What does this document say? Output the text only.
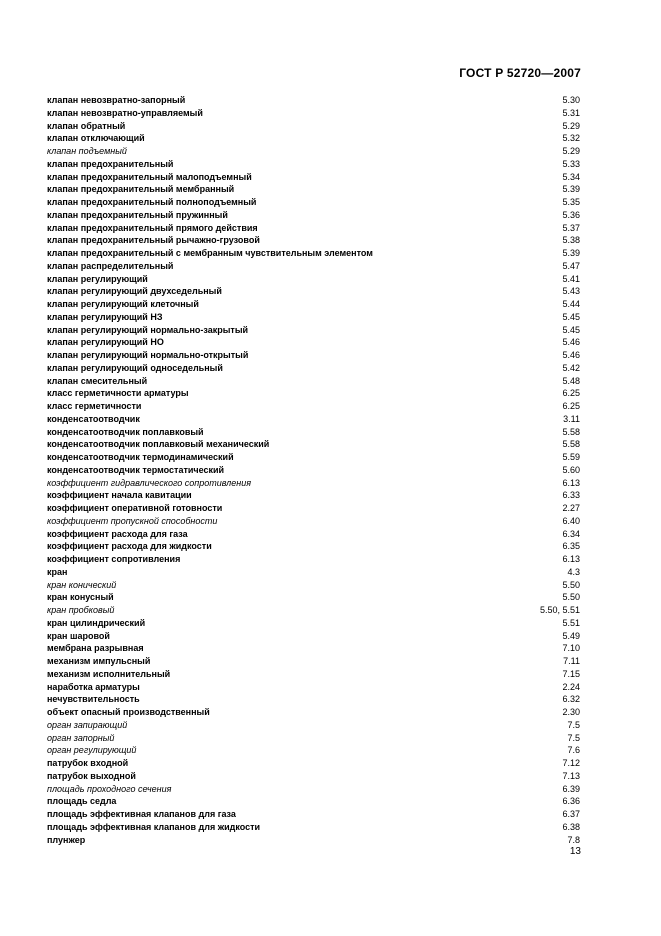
ГОСТ Р 52720—2007
клапан невозвратно-запорный	5.30
клапан невозвратно-управляемый	5.31
клапан обратный	5.29
клапан отключающий	5.32
клапан подъемный	5.29
клапан предохранительный	5.33
клапан предохранительный малоподъемный	5.34
клапан предохранительный мембранный	5.39
клапан предохранительный полноподъемный	5.35
клапан предохранительный пружинный	5.36
клапан предохранительный прямого действия	5.37
клапан предохранительный рычажно-грузовой	5.38
клапан предохранительный с мембранным чувствительным элементом	5.39
клапан распределительный	5.47
клапан регулирующий	5.41
клапан регулирующий двухседельный	5.43
клапан регулирующий клеточный	5.44
клапан регулирующий НЗ	5.45
клапан регулирующий нормально-закрытый	5.45
клапан регулирующий НО	5.46
клапан регулирующий нормально-открытый	5.46
клапан регулирующий односедельный	5.42
клапан смесительный	5.48
класс герметичности арматуры	6.25
класс герметичности	6.25
конденсатоотводчик	3.11
конденсатоотводчик поплавковый	5.58
конденсатоотводчик поплавковый механический	5.58
конденсатоотводчик термодинамический	5.59
конденсатоотводчик термостатический	5.60
коэффициент гидравлического сопротивления	6.13
коэффициент начала кавитации	6.33
коэффициент оперативной готовности	2.27
коэффициент пропускной способности	6.40
коэффициент расхода для газа	6.34
коэффициент расхода для жидкости	6.35
коэффициент сопротивления	6.13
кран	4.3
кран конический	5.50
кран конусный	5.50
кран пробковый	5.50, 5.51
кран цилиндрический	5.51
кран шаровой	5.49
мембрана разрывная	7.10
механизм импульсный	7.11
механизм исполнительный	7.15
наработка арматуры	2.24
нечувствительность	6.32
объект опасный производственный	2.30
орган запирающий	7.5
орган запорный	7.5
орган регулирующий	7.6
патрубок входной	7.12
патрубок выходной	7.13
площадь проходного сечения	6.39
площадь седла	6.36
площадь эффективная клапанов для газа	6.37
площадь эффективная клапанов для жидкости	6.38
плунжер	7.8
13
